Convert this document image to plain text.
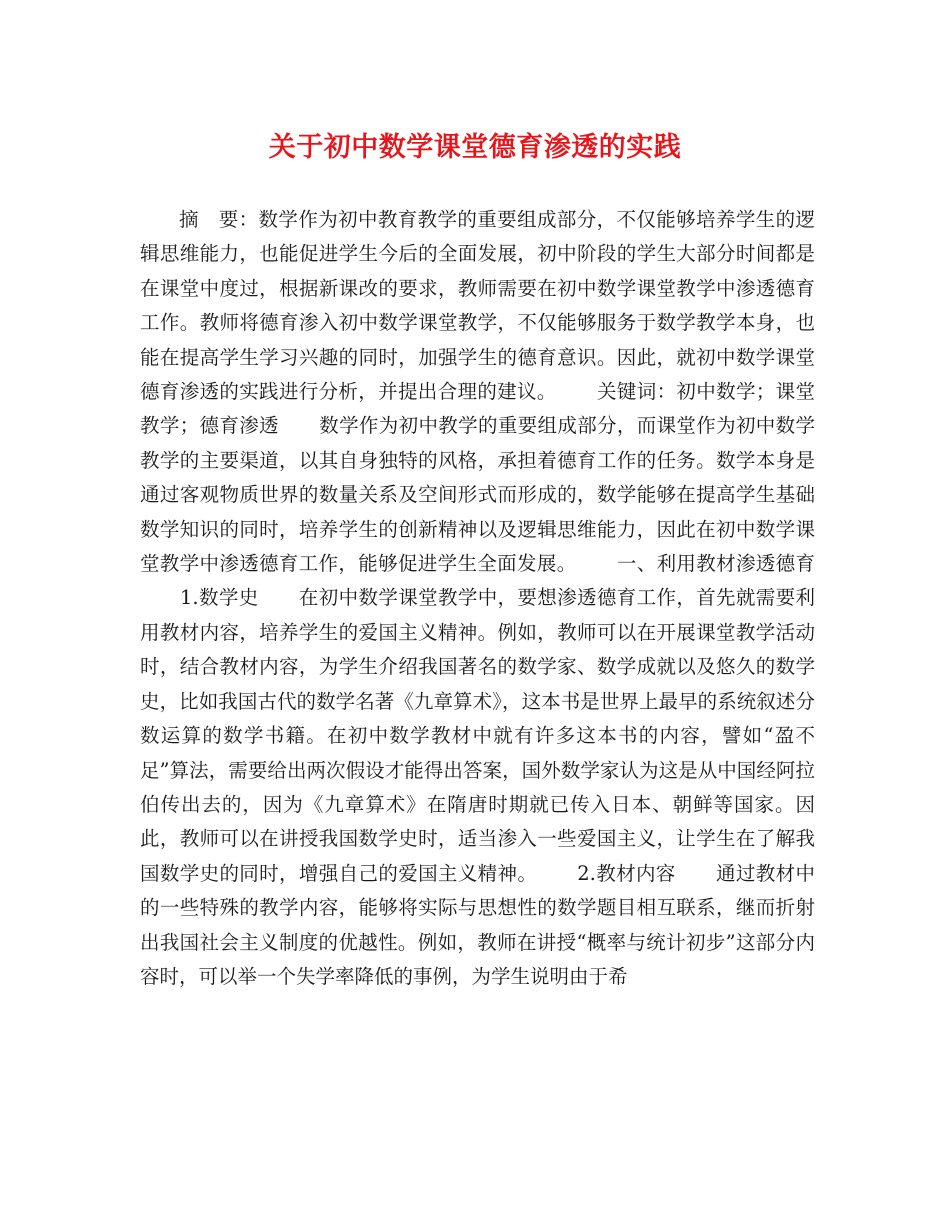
关于初中数学课堂德育渗透的实践

摘　要：数学作为初中教育教学的重要组成部分，不仅能够培养学生的逻辑思维能力，也能促进学生今后的全面发展，初中阶段的学生大部分时间都是在课堂中度过，根据新课改的要求，教师需要在初中数学课堂教学中渗透德育工作。教师将德育渗入初中数学课堂教学，不仅能够服务于数学教学本身，也能在提高学生学习兴趣的同时，加强学生的德育意识。因此，就初中数学课堂德育渗透的实践进行分析，并提出合理的建议。 关键词：初中数学；课堂教学；德育渗透 数学作为初中教学的重要组成部分，而课堂作为初中数学教学的主要渠道，以其自身独特的风格，承担着德育工作的任务。数学本身是通过客观物质世界的数量关系及空间形式而形成的，数学能够在提高学生基础数学知识的同时，培养学生的创新精神以及逻辑思维能力，因此在初中数学课堂教学中渗透德育工作，能够促进学生全面发展。 一、利用教材渗透德育1.数学史 在初中数学课堂教学中，要想渗透德育工作，首先就需要利用教材内容，培养学生的爱国主义精神。例如，教师可以在开展课堂教学活动时，结合教材内容，为学生介绍我国著名的数学家、数学成就以及悠久的数学史，比如我国古代的数学名著《九章算术》，这本书是世界上最早的系统叙述分数运算的数学书籍。在初中数学教材中就有许多这本书的内容，譬如“盈不足”算法，需要给出两次假设才能得出答案，国外数学家认为这是从中国经阿拉伯传出去的，因为《九章算术》在隋唐时期就已传入日本、朝鲜等国家。因此，教师可以在讲授我国数学史时，适当渗入一些爱国主义，让学生在了解我国数学史的同时，增强自己的爱国主义精神。 2.教材内容 通过教材中的一些特殊的教学内容，能够将实际与思想性的数学题目相互联系，继而折射出我国社会主义制度的优越性。例如，教师在讲授“概率与统计初步”这部分内容时，可以举一个失学率降低的事例，为学生说明由于希
